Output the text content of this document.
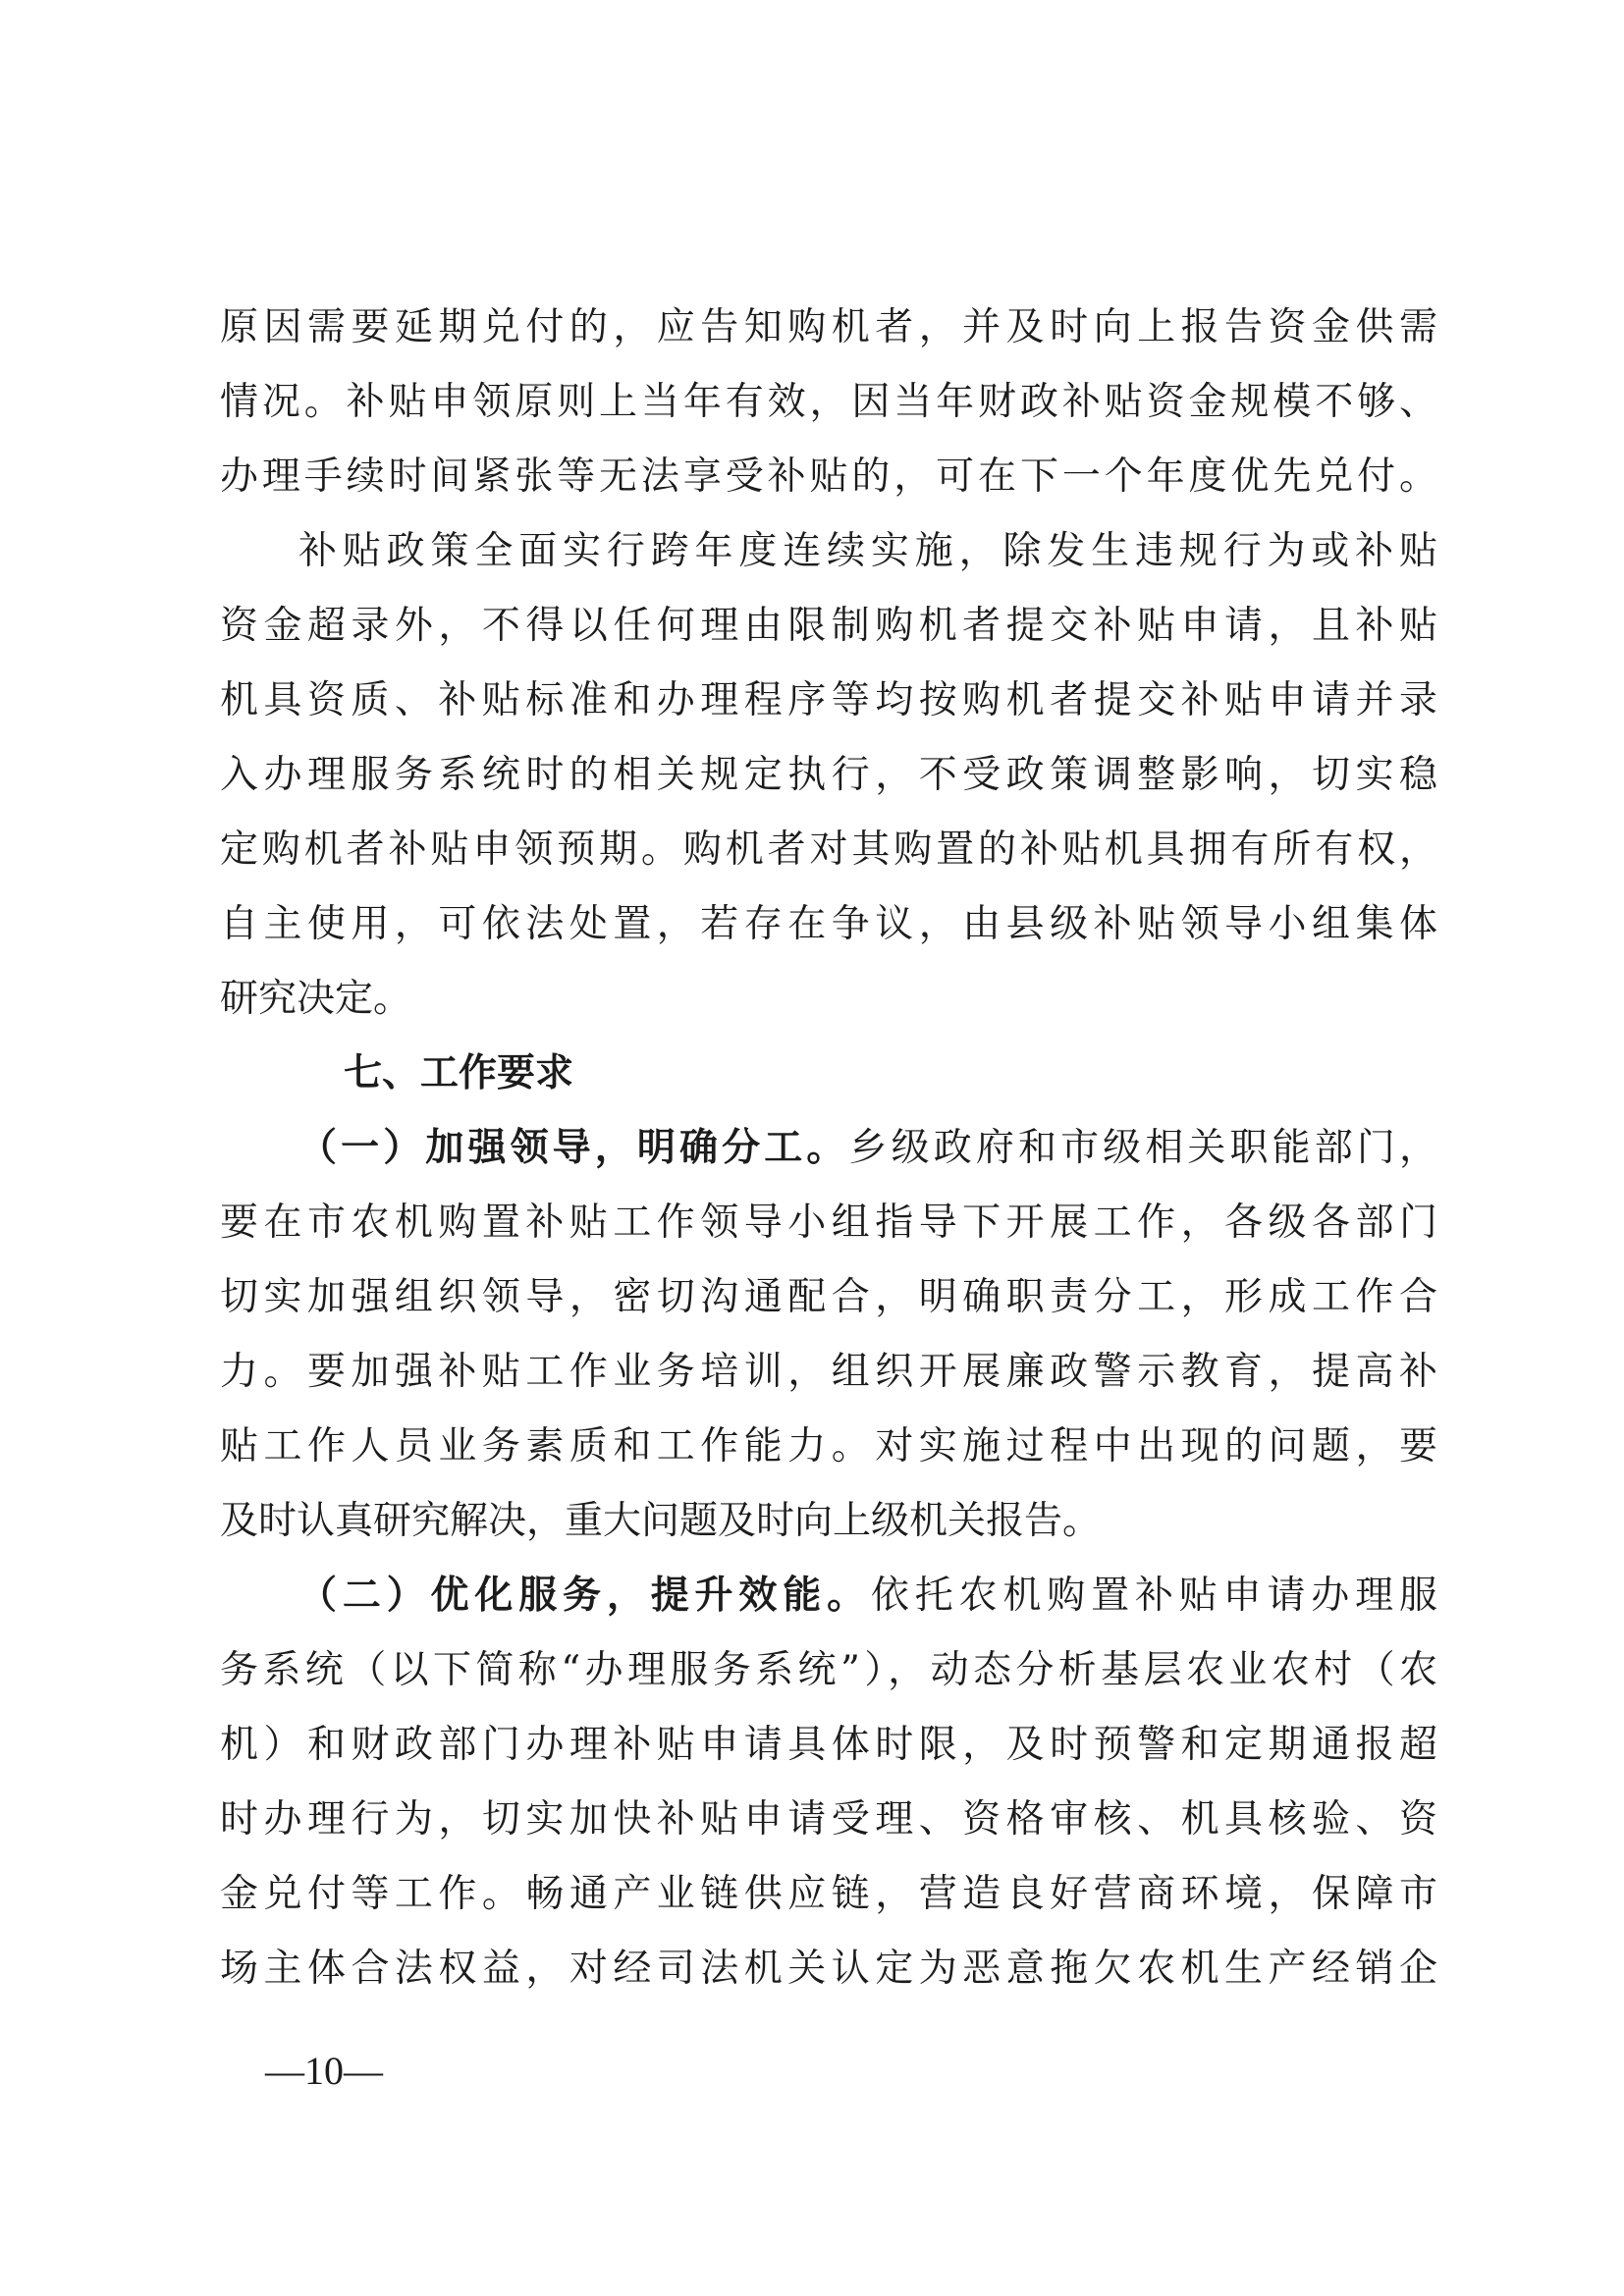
原因需要延期兑付的，应告知购机者，并及时向上报告资金供需
情况。补贴申领原则上当年有效，因当年财政补贴资金规模不够、
办理手续时间紧张等无法享受补贴的，可在下一个年度优先兑付。
补贴政策全面实行跨年度连续实施，除发生违规行为或补贴
资金超录外，不得以任何理由限制购机者提交补贴申请，且补贴
机具资质、补贴标准和办理程序等均按购机者提交补贴申请并录
入办理服务系统时的相关规定执行，不受政策调整影响，切实稳
定购机者补贴申领预期。购机者对其购置的补贴机具拥有所有权，
自主使用，可依法处置，若存在争议，由县级补贴领导小组集体
研究决定。
七、工作要求
（一）加强领导，明确分工。乡级政府和市级相关职能部门，
要在市农机购置补贴工作领导小组指导下开展工作，各级各部门
切实加强组织领导，密切沟通配合，明确职责分工，形成工作合
力。要加强补贴工作业务培训，组织开展廉政警示教育，提高补
贴工作人员业务素质和工作能力。对实施过程中出现的问题，要
及时认真研究解决，重大问题及时向上级机关报告。
（二）优化服务，提升效能。依托农机购置补贴申请办理服
务系统（以下简称“办理服务系统”），动态分析基层农业农村（农
机）和财政部门办理补贴申请具体时限，及时预警和定期通报超
时办理行为，切实加快补贴申请受理、资格审核、机具核验、资
金兑付等工作。畅通产业链供应链，营造良好营商环境，保障市
场主体合法权益，对经司法机关认定为恶意拖欠农机生产经销企
—10—
